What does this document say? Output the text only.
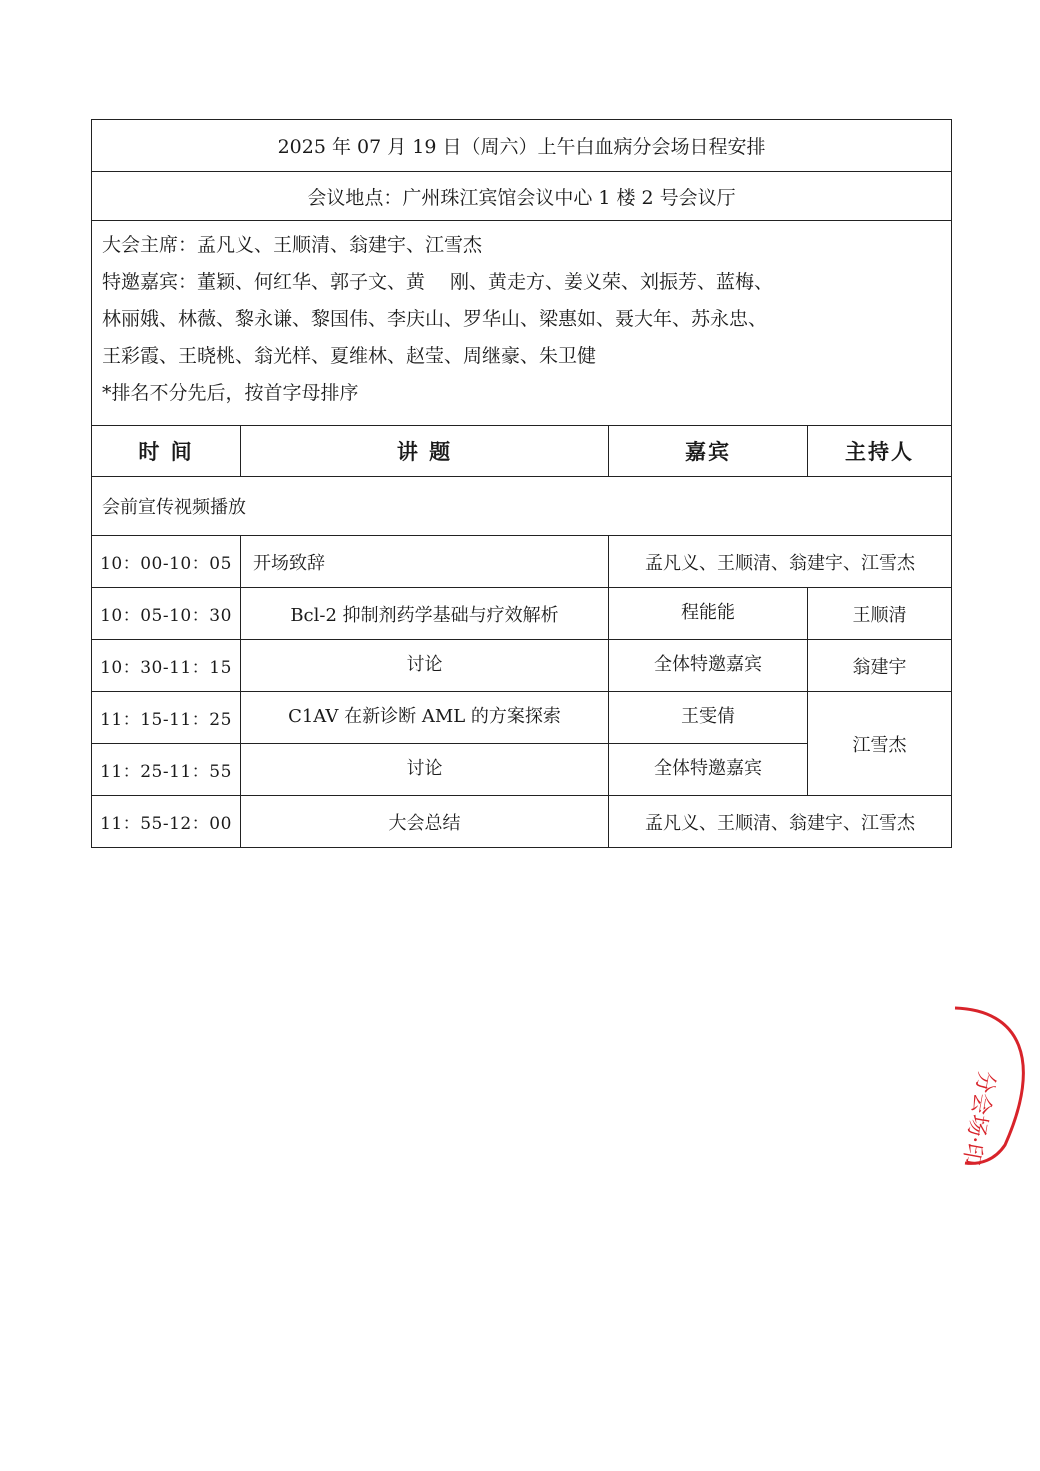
2025 年 07 月 19 日（周六）上午白血病分会场日程安排			
会议地点：广州珠江宾馆会议中心 1 楼 2 号会议厅			

大会主席：孟凡义、王顺清、翁建宇、江雪杰
特邀嘉宾：董颖、何红华、郭子文、黄　 刚、黄走方、姜义荣、刘振芳、蓝梅、
林丽娥、林薇、黎永谦、黎国伟、李庆山、罗华山、梁惠如、聂大年、苏永忠、
王彩霞、王晓桃、翁光样、夏维林、赵莹、周继豪、朱卫健
*排名不分先后，按首字母排序			

时 间	讲 题	嘉宾	主持人
会前宣传视频播放			
10：00-10：05	开场致辞	孟凡义、王顺清、翁建宇、江雪杰	
10：05-10：30	Bcl-2 抑制剂药学基础与疗效解析	程能能	王顺清
10：30-11：15	讨论	全体特邀嘉宾	翁建宇
11：15-11：25	C1AV 在新诊断 AML 的方案探索	王雯倩	江雪杰
11：25-11：55	讨论	全体特邀嘉宾	
11：55-12：00	大会总结	孟凡义、王顺清、翁建宇、江雪杰	
分会场·印
